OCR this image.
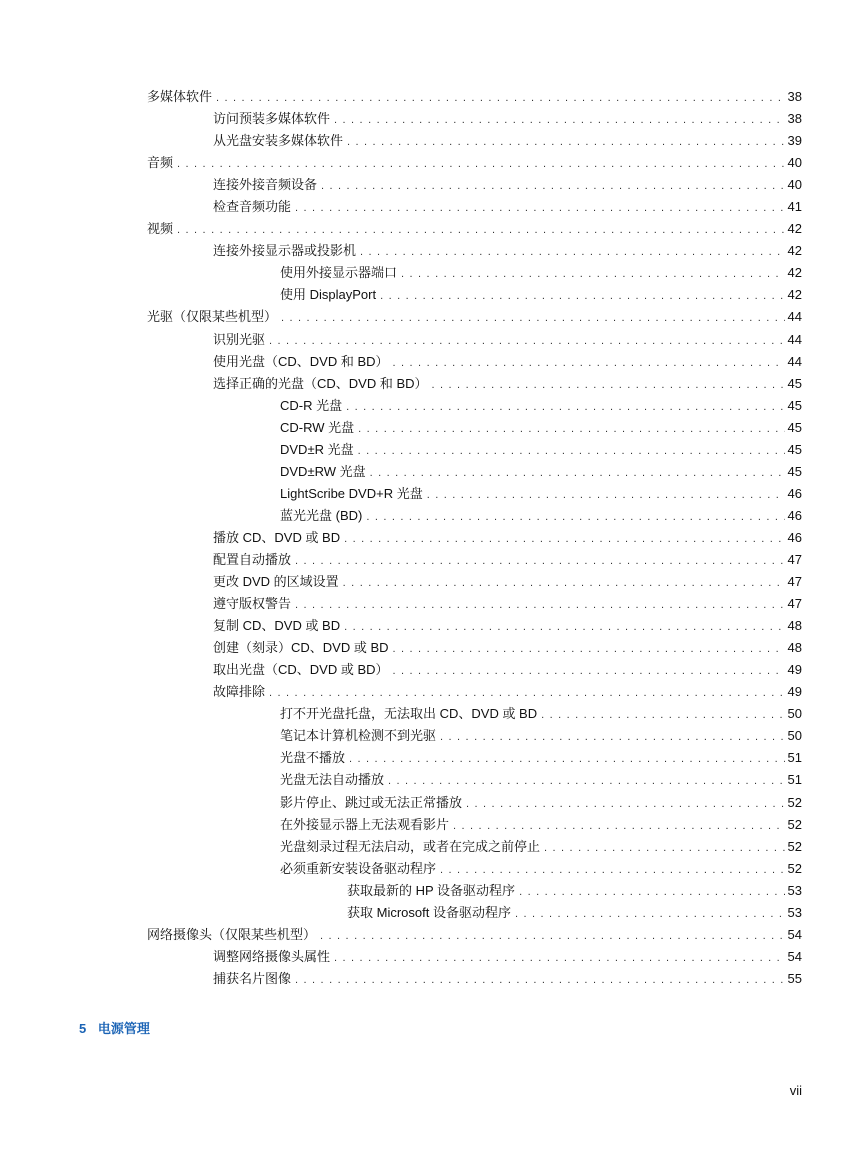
多媒体软件 . . .	38
访问预装多媒体软件 . . .	38
从光盘安装多媒体软件 . . .	39
音频 . . .	40
连接外接音频设备 . . .	40
检查音频功能 . . .	41
视频 . . .	42
连接外接显示器或投影机 . . .	42
使用外接显示器端口 . . .	42
使用 DisplayPort . . .	42
光驱（仅限某些机型） . . .	44
识别光驱 . . .	44
使用光盘（CD、DVD 和 BD） . . .	44
选择正确的光盘（CD、DVD 和 BD） . . .	45
CD-R 光盘 . . .	45
CD-RW 光盘 . . .	45
DVD±R 光盘 . . .	45
DVD±RW 光盘 . . .	45
LightScribe DVD+R 光盘 . . .	46
蓝光光盘 (BD) . . .	46
播放 CD、DVD 或 BD . . .	46
配置自动播放 . . .	47
更改 DVD 的区域设置 . . .	47
遵守版权警告 . . .	47
复制 CD、DVD 或 BD . . .	48
创建（刻录）CD、DVD 或 BD . . .	48
取出光盘（CD、DVD 或 BD） . . .	49
故障排除 . . .	49
打不开光盘托盘，无法取出 CD、DVD 或 BD . . .	50
笔记本计算机检测不到光驱 . . .	50
光盘不播放 . . .	51
光盘无法自动播放 . . .	51
影片停止、跳过或无法正常播放 . . .	52
在外接显示器上无法观看影片 . . .	52
光盘刻录过程无法启动，或者在完成之前停止 . . .	52
必须重新安装设备驱动程序 . . .	52
获取最新的 HP 设备驱动程序 . . .	53
获取 Microsoft 设备驱动程序 . . .	53
网络摄像头（仅限某些机型） . . .	54
调整网络摄像头属性 . . .	54
捕获名片图像 . . .	55
5 电源管理
vii
